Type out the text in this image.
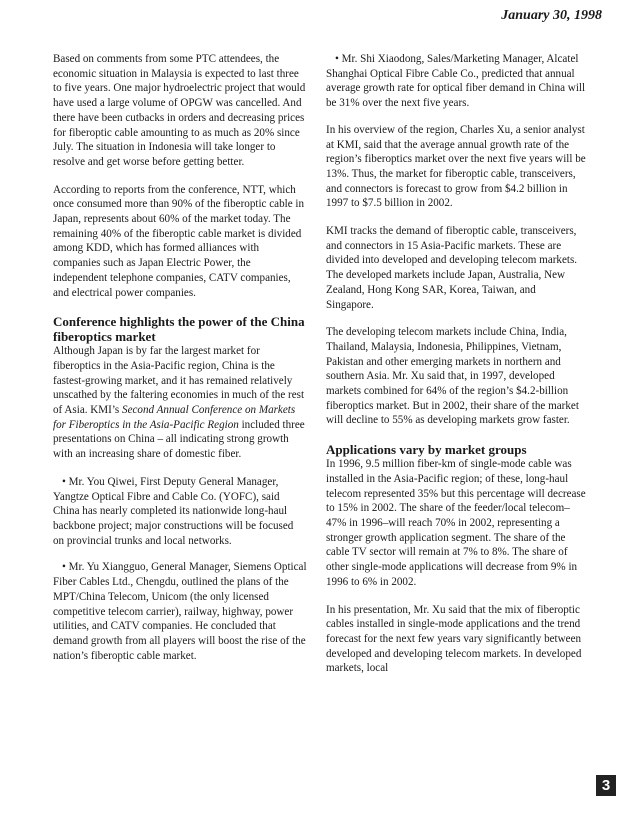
January 30, 1998

Based on comments from some PTC attendees, the economic situation in Malaysia is expected to last three to five years. One major hydroelectric project that would have used a large volume of OPGW was cancelled. And there have been cutbacks in orders and decreasing prices for fiberoptic cable amounting to as much as 20% since July. The situation in Indonesia will take longer to resolve and get worse before getting better.

According to reports from the conference, NTT, which once consumed more than 90% of the fiberoptic cable in Japan, represents about 60% of the market today. The remaining 40% of the fiberoptic cable market is divided among KDD, which has formed alliances with companies such as Japan Electric Power, the independent telephone companies, CATV companies, and electrical power companies.

Conference highlights the power of the China fiberoptics market

Although Japan is by far the largest market for fiberoptics in the Asia-Pacific region, China is the fastest-growing market, and it has remained relatively unscathed by the faltering economies in much of the rest of Asia. KMI’s Second Annual Conference on Markets for Fiberoptics in the Asia-Pacific Region included three presentations on China – all indicating strong growth with an increasing share of domestic fiber.

• Mr. You Qiwei, First Deputy General Manager, Yangtze Optical Fibre and Cable Co. (YOFC), said China has nearly completed its nationwide long-haul backbone project; major constructions will be focused on provincial trunks and local networks.

• Mr. Yu Xiangguo, General Manager, Siemens Optical Fiber Cables Ltd., Chengdu, outlined the plans of the MPT/China Telecom, Unicom (the only licensed competitive telecom carrier), railway, highway, power utilities, and CATV companies. He concluded that demand growth from all players will boost the rise of the nation’s fiberoptic cable market.

• Mr. Shi Xiaodong, Sales/Marketing Manager, Alcatel Shanghai Optical Fibre Cable Co., predicted that annual average growth rate for optical fiber demand in China will be 31% over the next five years.

In his overview of the region, Charles Xu, a senior analyst at KMI, said that the average annual growth rate of the region’s fiberoptics market over the next five years will be 13%. Thus, the market for fiberoptic cable, transceivers, and connectors is forecast to grow from $4.2 billion in 1997 to $7.5 billion in 2002.

KMI tracks the demand of fiberoptic cable, transceivers, and connectors in 15 Asia-Pacific markets. These are divided into developed and developing telecom markets. The developed markets include Japan, Australia, New Zealand, Hong Kong SAR, Korea, Taiwan, and Singapore.

The developing telecom markets include China, India, Thailand, Malaysia, Indonesia, Philippines, Vietnam, Pakistan and other emerging markets in northern and southern Asia. Mr. Xu said that, in 1997, developed markets combined for 64% of the region’s $4.2-billion fiberoptics market. But in 2002, their share of the market will decline to 55% as developing markets grow faster.

Applications vary by market groups

In 1996, 9.5 million fiber-km of single-mode cable was installed in the Asia-Pacific region; of these, long-haul telecom represented 35% but this percentage will decrease to 15% in 2002. The share of the feeder/local telecom–47% in 1996–will reach 70% in 2002, representing a stronger growth application segment. The share of the cable TV sector will remain at 7% to 8%. The share of other single-mode applications will decrease from 9% in 1996 to 6% in 2002.

In his presentation, Mr. Xu said that the mix of fiberoptic cables installed in single-mode applications and the trend forecast for the next few years vary significantly between developed and developing telecom markets. In developed markets, local

3
